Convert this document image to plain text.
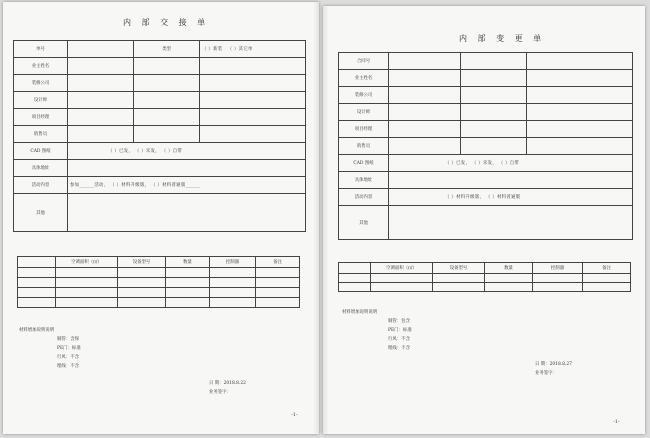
内 部 交 接 单
单号		类型	（ ）新装 （ ）其它单
业主姓名			
装修公司			
设计师			
项目经理			
销售员			
CAD 图纸	（ ）已发， （ ）未发， （ ）自带		
具体地址			
活动内容	参加______活动， （ ）材料升级版， （ ）材料普通版______		
其他			
	空调面积（㎡）	设备型号	数量	控制器	备注

材料增加说明说明
铜管：含保
PE门：标准
行风：不含
埋线：不含
日 期：2018.8.22
业务签字：
-1-
内 部 变 更 单
合同号			
业主姓名			
装修公司			
设计师			
项目经理			
销售员			
CAD 图纸	（ ）已发， （ ）未发， （ ）自带		
具体地址			
活动内容	（ ）材料升级版， （ ）材料普通版		
其他			
	空调面积（㎡）	设备型号	数量	控制器	备注

材料增加说明说明
铜管：包含
PE门：标准
行风：不含
埋线：不含
日 期：2018.8.27
业务签字：
-1-
